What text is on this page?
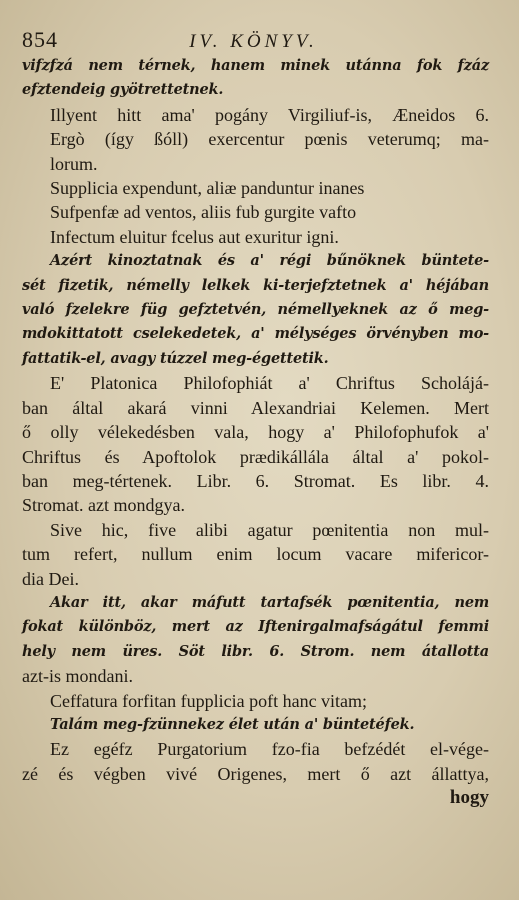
854	IV. KÖNYV.
vifzfzá nem térnek, hanem minek utánna fok fzáz
efztendeig gyötrettetnek.
Illyent hitt ama' pogány Virgiliuf-is, Æneidos 6.
Ergò (így ßóll) exercentur pœnis veterumq; ma-
lorum.
Supplicia expendunt, aliæ panduntur inanes
Sufpenfæ ad ventos, aliis fub gurgite vafto
Infectum eluitur fcelus aut exuritur igni.
Azért kinoztatnak és a' régi bűnöknek büntete-
sét fizetik, némelly lelkek ki-terjefztetnek a' héjában
való fzelekre füg gefztetvén, némellyeknek az ő meg-
mdokittatott cselekedetek, a' mélységes örvényben mo-
fattatik-el, avagy túzzel meg-égettetik.
E' Platonica Philofophiát a' Chriftus Scholájá-
ban által akará vinni Alexandriai Kelemen. Mert
ő olly vélekedésben vala, hogy a' Philofophufok a'
Chriftus és Apoftolok prædikállála által a' pokol-
ban meg-tértenek. Libr. 6. Stromat. Es libr. 4.
Stromat. azt mondgya.
Sive hic, five alibi agatur pœnitentia non mul-
tum refert, nullum enim locum vacare mifericor-
dia Dei.
Akar itt, akar máfutt tartafsék pœnitentia, nem
fokat különböz, mert az Iftenirgalmafságátul femmi
hely nem üres. Söt libr. 6. Strom. nem átallotta
azt-is mondani.
Ceffatura forfitan fupplicia poft hanc vitam;
Talám meg-fzünnekez élet után a' büntetéfek.
Ez egéfz Purgatorium fzo-fia befzédét el-vége-
zé és végben vivé Origenes, mert ő azt állattya,
hogy
